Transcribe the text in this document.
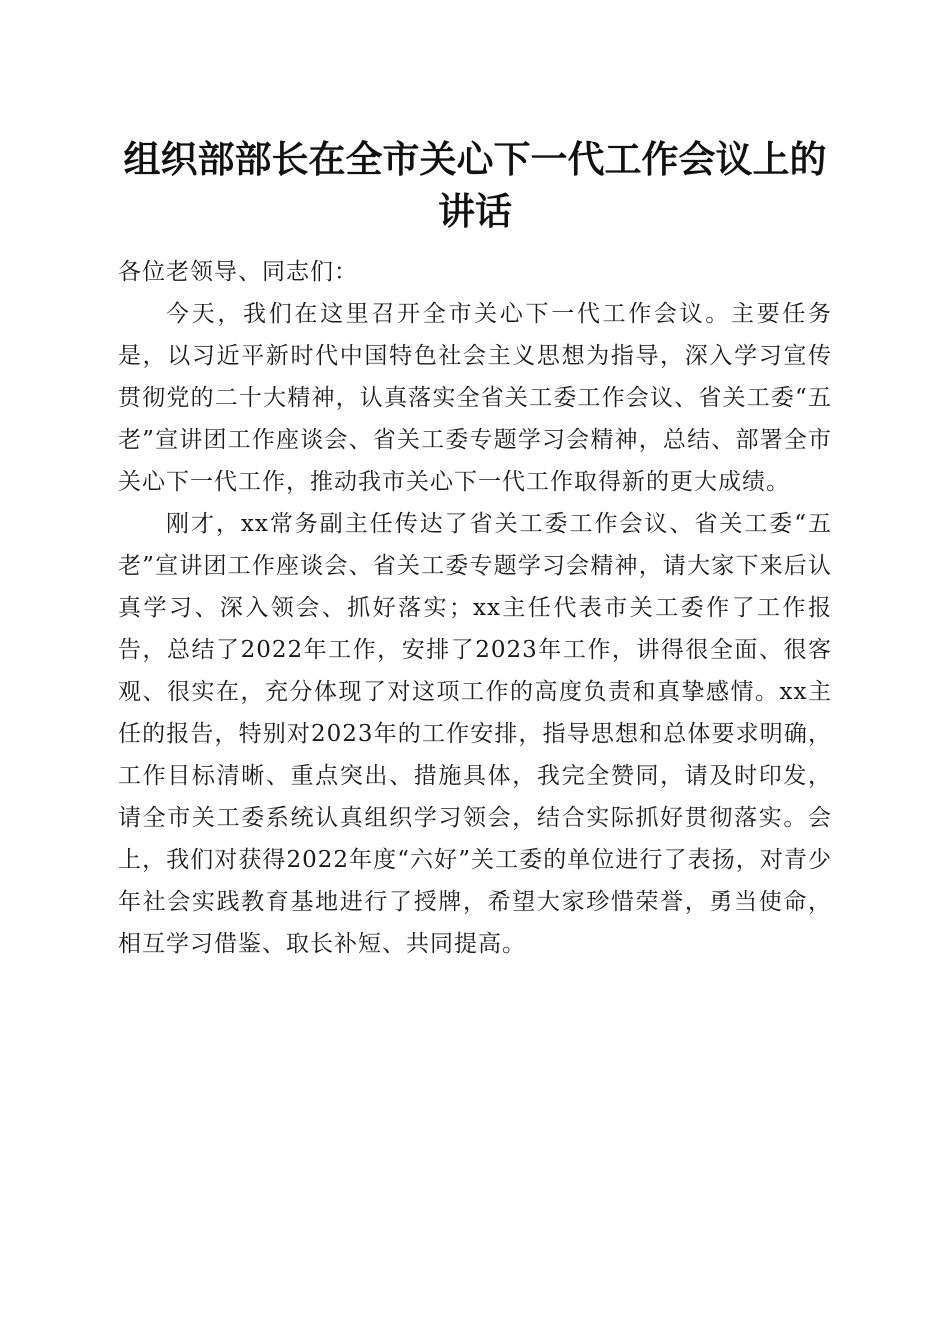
组织部部长在全市关心下一代工作会议上的讲话

各位老领导、同志们：

今天，我们在这里召开全市关心下一代工作会议。主要任务是，以习近平新时代中国特色社会主义思想为指导，深入学习宣传贯彻党的二十大精神，认真落实全省关工委工作会议、省关工委“五老”宣讲团工作座谈会、省关工委专题学习会精神，总结、部署全市关心下一代工作，推动我市关心下一代工作取得新的更大成绩。

刚才，xx常务副主任传达了省关工委工作会议、省关工委“五老”宣讲团工作座谈会、省关工委专题学习会精神，请大家下来后认真学习、深入领会、抓好落实；xx主任代表市关工委作了工作报告，总结了2022年工作，安排了2023年工作，讲得很全面、很客观、很实在，充分体现了对这项工作的高度负责和真挚感情。xx主任的报告，特别对2023年的工作安排，指导思想和总体要求明确，工作目标清晰、重点突出、措施具体，我完全赞同，请及时印发，请全市关工委系统认真组织学习领会，结合实际抓好贯彻落实。会上，我们对获得2022年度“六好”关工委的单位进行了表扬，对青少年社会实践教育基地进行了授牌，希望大家珍惜荣誉，勇当使命，相互学习借鉴、取长补短、共同提高。
